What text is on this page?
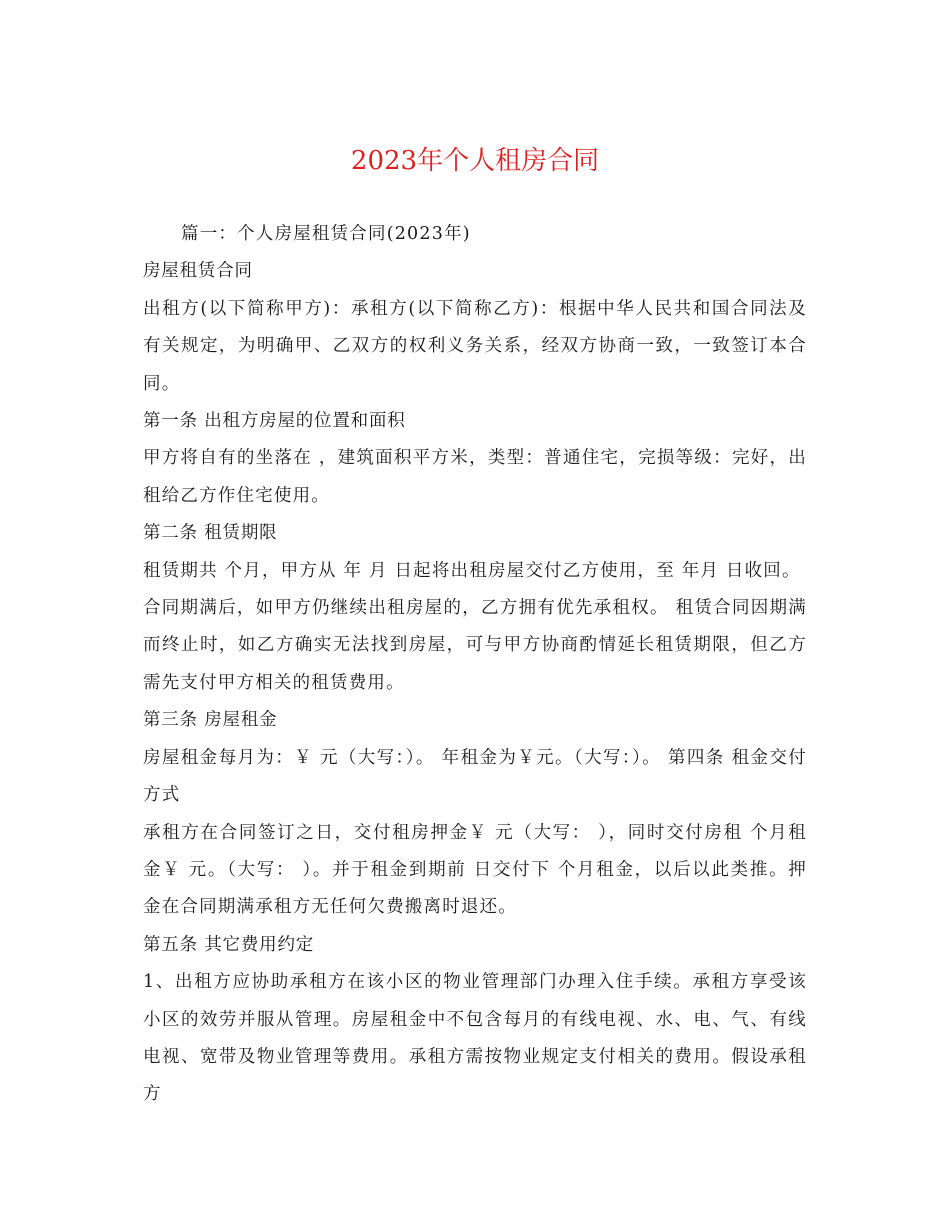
2023年个人租房合同

篇一：个人房屋租赁合同(2023年)

房屋租赁合同

出租方(以下简称甲方)：承租方(以下简称乙方)：根据中华人民共和国合同法及有关规定，为明确甲、乙双方的权利义务关系，经双方协商一致，一致签订本合同。

第一条 出租方房屋的位置和面积

甲方将自有的坐落在 ，建筑面积平方米，类型：普通住宅，完损等级：完好，出租给乙方作住宅使用。

第二条 租赁期限

租赁期共 个月，甲方从 年 月 日起将出租房屋交付乙方使用，至 年月 日收回。

合同期满后，如甲方仍继续出租房屋的，乙方拥有优先承租权。 租赁合同因期满而终止时，如乙方确实无法找到房屋，可与甲方协商酌情延长租赁期限，但乙方需先支付甲方相关的租赁费用。

第三条 房屋租金

房屋租金每月为：￥ 元（大写：）。 年租金为￥元。（大写：）。 第四条 租金交付方式

承租方在合同签订之日，交付租房押金￥ 元（大写： ），同时交付房租 个月租金￥ 元。（大写： ）。并于租金到期前 日交付下 个月租金，以后以此类推。押金在合同期满承租方无任何欠费搬离时退还。

第五条 其它费用约定

1、出租方应协助承租方在该小区的物业管理部门办理入住手续。承租方享受该小区的效劳并服从管理。房屋租金中不包含每月的有线电视、水、电、气、有线电视、宽带及物业管理等费用。承租方需按物业规定支付相关的费用。假设承租方
